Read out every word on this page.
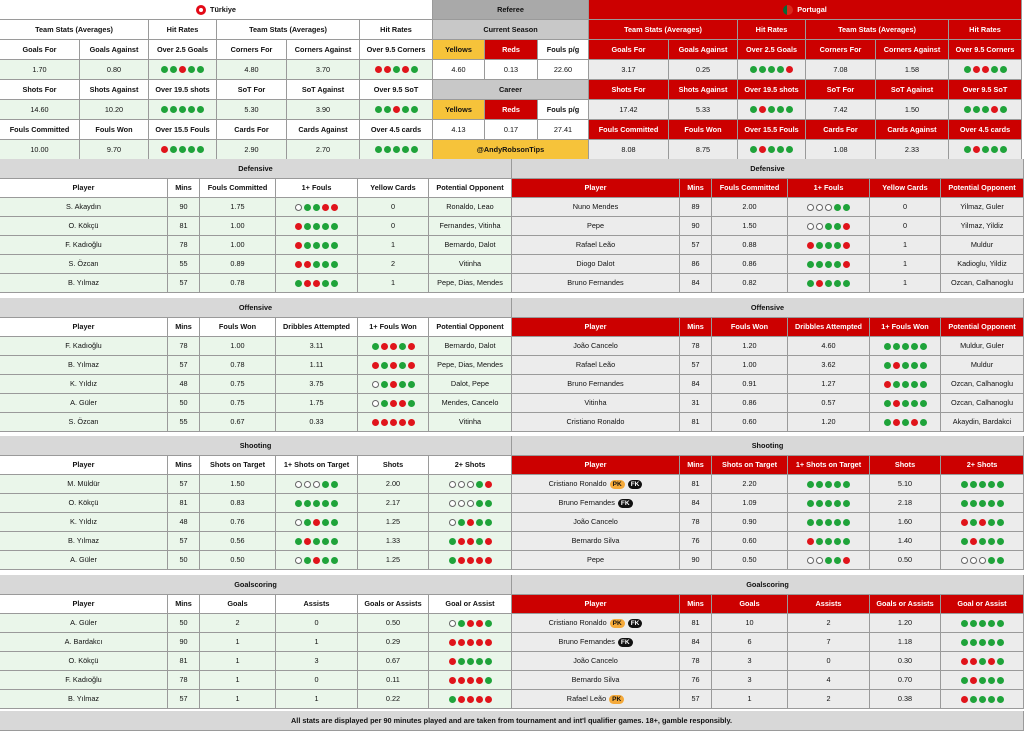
Türkiye
Team Stats (Averages)	Hit Rates	Team Stats (Averages)	Hit Rates
Goals For	Goals Against	Over 2.5 Goals	Corners For	Corners Against	Over 9.5 Corners
1.70	0.80	4.80	3.70
Shots For	Shots Against	Over 19.5 shots	SoT For	SoT Against	Over 9.5 SoT
14.60	10.20	5.30	3.90
Fouls Committed	Fouls Won	Over 15.5 Fouls	Cards For	Cards Against	Over 4.5 cards
10.00	9.70	2.90	2.70
Portugal
Team Stats (Averages)	Hit Rates	Team Stats (Averages)	Hit Rates
Goals For	Goals Against	Over 2.5 Goals	Corners For	Corners Against	Over 9.5 Corners
3.17	0.25	7.08	1.58
Shots For	Shots Against	Over 19.5 shots	SoT For	SoT Against	Over 9.5 SoT
17.42	5.33	7.42	1.50
Fouls Committed	Fouls Won	Over 15.5 Fouls	Cards For	Cards Against	Over 4.5 cards
8.08	8.75	1.08	2.33
Referee
Current Season
Yellows	Reds	Fouls p/g
4.60	0.13	22.60
Career
Yellows	Reds	Fouls p/g
4.13	0.17	27.41
@AndyRobsonTips
Defensive
Player	Mins	Fouls Committed	1+ Fouls	Yellow Cards	Potential Opponent
S. Akaydın	90	1.75	0	Ronaldo, Leao
O. Kökçü	81	1.00	0	Fernandes, Vitinha
F. Kadıoğlu	78	1.00	1	Bernardo, Dalot
S. Özcan	55	0.89	2	Vitinha
B. Yılmaz	57	0.78	1	Pepe, Dias, Mendes
Defensive
Player	Mins	Fouls Committed	1+ Fouls	Yellow Cards	Potential Opponent
Nuno Mendes	89	2.00	0	Yilmaz, Guler
Pepe	90	1.50	0	Yilmaz, Yildiz
Rafael Leão	57	0.88	1	Muldur
Diogo Dalot	86	0.86	1	Kadioglu, Yildiz
Bruno Fernandes	84	0.82	1	Ozcan, Calhanoglu
Offensive
Player	Mins	Fouls Won	Dribbles Attempted	1+ Fouls Won	Potential Opponent
F. Kadıoğlu	78	1.00	3.11	Bernardo, Dalot
B. Yılmaz	57	0.78	1.11	Pepe, Dias, Mendes
K. Yıldız	48	0.75	3.75	Dalot, Pepe
A. Güler	50	0.75	1.75	Mendes, Cancelo
S. Özcan	55	0.67	0.33	Vitinha
Offensive
Player	Mins	Fouls Won	Dribbles Attempted	1+ Fouls Won	Potential Opponent
João Cancelo	78	1.20	4.60	Muldur, Guler
Rafael Leão	57	1.00	3.62	Muldur
Bruno Fernandes	84	0.91	1.27	Ozcan, Calhanoglu
Vitinha	31	0.86	0.57	Ozcan, Calhanoglu
Cristiano Ronaldo	81	0.60	1.20	Akaydin, Bardakci
Shooting
Player	Mins	Shots on Target	1+ Shots on Target	Shots	2+ Shots
M. Müldür	57	1.50	2.00
O. Kökçü	81	0.83	2.17
K. Yıldız	48	0.76	1.25
B. Yılmaz	57	0.56	1.33
A. Güler	50	0.50	1.25
Shooting
Player	Mins	Shots on Target	1+ Shots on Target	Shots	2+ Shots
Cristiano Ronaldo PK	FK	81	2.20	5.10
Bruno Fernandes FK	84	1.09	2.18
João Cancelo	78	0.90	1.60
Bernardo Silva	76	0.60	1.40
Pepe	90	0.50	0.50
Goalscoring
Player	Mins	Goals	Assists	Goals or Assists	Goal or Assist
A. Güler	50	2	0	0.50
A. Bardakcı	90	1	1	0.29
O. Kökçü	81	1	3	0.67
F. Kadıoğlu	78	1	0	0.11
B. Yılmaz	57	1	1	0.22
Goalscoring
Player	Mins	Goals	Assists	Goals or Assists	Goal or Assist
Cristiano Ronaldo PK	FK	81	10	2	1.20
Bruno Fernandes FK	84	6	7	1.18
João Cancelo	78	3	0	0.30
Bernardo Silva	76	3	4	0.70
Rafael Leão PK	57	1	2	0.38
All stats are displayed per 90 minutes played and are taken from tournament and int'l qualifier games. 18+, gamble responsibly.
